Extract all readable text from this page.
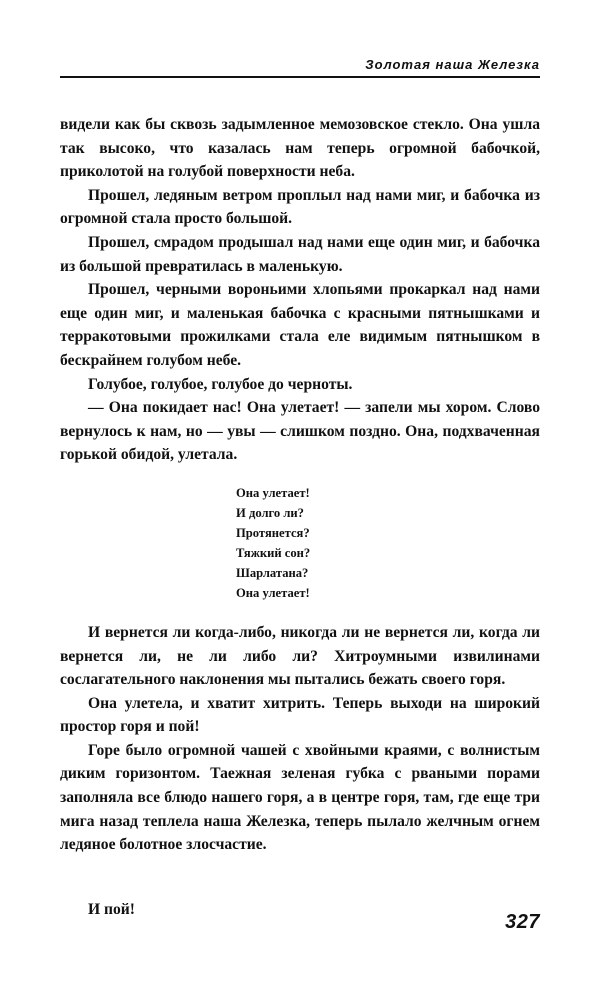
Золотая наша Железка

видели как бы сквозь задымленное мемозовское стекло. Она ушла так высоко, что казалась нам теперь огромной бабочкой, приколотой на голубой поверхности неба.

Прошел, ледяным ветром проплыл над нами миг, и бабочка из огромной стала просто большой.

Прошел, смрадом продышал над нами еще один миг, и бабочка из большой превратилась в маленькую.

Прошел, черными вороньими хлопьями прокаркал над нами еще один миг, и маленькая бабочка с красными пятнышками и терракотовыми прожилками стала еле видимым пятнышком в бескрайнем голубом небе.

Голубое, голубое, голубое до черноты.

— Она покидает нас! Она улетает! — запели мы хором. Слово вернулось к нам, но — увы — слишком поздно. Она, подхваченная горькой обидой, улетала.

Она улетает!
И долго ли?
Протянется?
Тяжкий сон?
Шарлатана?
Она улетает!

И вернется ли когда-либо, никогда ли не вернется ли, когда ли вернется ли, не ли либо ли? Хитроумными извилинами сослагательного наклонения мы пытались бежать своего горя.

Она улетела, и хватит хитрить. Теперь выходи на широкий простор горя и пой!

Горе было огромной чашей с хвойными краями, с волнистым диким горизонтом. Таежная зеленая губка с рваными порами заполняла все блюдо нашего горя, а в центре горя, там, где еще три мига назад теплела наша Железка, теперь пылало желчным огнем ледяное болотное злосчастие.

И пой!

327
